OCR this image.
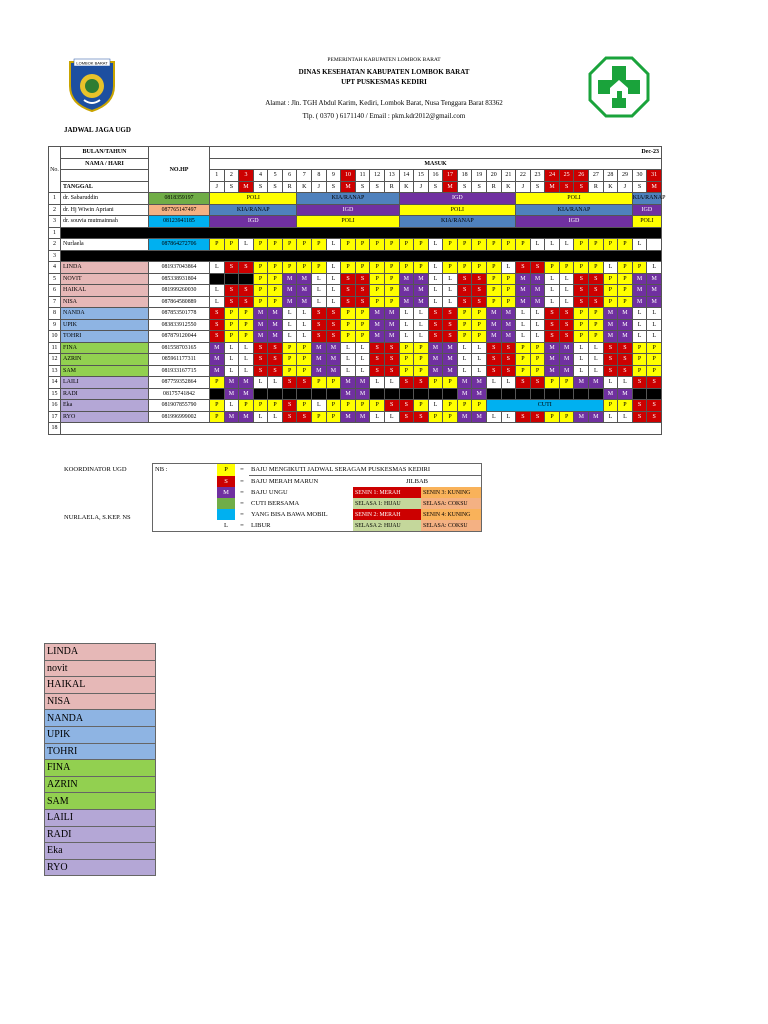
LOMBOK BARAT	PEMERINTAH KABUPATEN LOMBOK BARAT
DINAS KESEHATAN KABUPATEN LOMBOK BARAT
UPT PUSKESMAS KEDIRI
Alamat : Jln. TGH Abdul Karim, Kediri, Lombok Barat, Nusa Tenggara Barat 83362
Tlp. ( 0370 ) 6171140 / Email : pkm.kdr2012@gmail.com
JADWAL JAGA UGD
No.	BULAN/TAHUN	NO.HP	Dec-23																														
	NAMA / HARI		MASUK																														
			1	2	3	4	5	6	7	8	9	10	11	12	13	14	15	16	17	18	19	20	21	22	23	24	25	26	27	28	29	30	31
	TANGGAL		J	S	M	S	S	R	K	J	S	M	S	S	R	K	J	S	M	S	S	R	K	J	S	M	S	S	R	K	J	S	M
1	dr. Sabaruddin	0818359197	POLI						KIA/RANAP							IGD								POLI								KIA/RANAP	
2	dr. Hj Wiwin Apriani	087765147497	KIA/RANAP						IGD							POLI								KIA/RANAP								IGD	
3	dr. souvia mutmainnah	08123941185	IGD						POLI							KIA/RANAP								IGD								POLI	
1																																	
2	Nurlaela	087864272706	P	P	L	P	P	P	P	P	L	P	P	P	P	P	P	L	P	P	P	P	P	P	L	L	L	P	P	P	P	L	
3																																	
4	LINDA	081937043864	L	S	S	P	P	P	P	P	L	P	P	P	P	P	P	L	P	P	P	P	L	S	S	P	P	P	P	L	P	P	L
5	NOVIT	085338931804				P	P	M	M	L	L	S	S	P	P	M	M	L	L	S	S	P	P	M	M	L	L	S	S	P	P	M	M
6	HAIKAL	081999260030	L	S	S	P	P	M	M	L	L	S	S	P	P	M	M	L	L	S	S	P	P	M	M	L	L	S	S	P	P	M	M
7	NISA	087864580889	L	S	S	P	P	M	M	L	L	S	S	P	P	M	M	L	L	S	S	P	P	M	M	L	L	S	S	P	P	M	M
8	NANDA	087853501778	S	P	P	M	M	L	L	S	S	P	P	M	M	L	L	S	S	P	P	M	M	L	L	S	S	P	P	M	M	L	L
9	UPIK	083833912550	S	P	P	M	M	L	L	S	S	P	P	M	M	L	L	S	S	P	P	M	M	L	L	S	S	P	P	M	M	L	L
10	TOHRI	087879120044	S	P	P	M	M	L	L	S	S	P	P	M	M	L	L	S	S	P	P	M	M	L	L	S	S	P	P	M	M	L	L
11	FINA	081558703165	M	L	L	S	S	P	P	M	M	L	L	S	S	P	P	M	M	L	L	S	S	P	P	M	M	L	L	S	S	P	P
12	AZRIN	085961177311	M	L	L	S	S	P	P	M	M	L	L	S	S	P	P	M	M	L	L	S	S	P	P	M	M	L	L	S	S	P	P
13	SAM	081933167715	M	L	L	S	S	P	P	M	M	L	L	S	S	P	P	M	M	L	L	S	S	P	P	M	M	L	L	S	S	P	P
14	LAILI	087759352864	P	M	M	L	L	S	S	P	P	M	M	L	L	S	S	P	P	M	M	L	L	S	S	P	P	M	M	L	L	S	S
15	RADI	08175741842		M	M							M	M							M	M									M	M		
16	Eka	081907855790	P	L	P	P	P	S	P	L	P	P	P	P	S	S	P	L	P	P	P	CUTI								P	P	S	S
17	RYO	081996999002	P	M	M	L	L	S	S	P	P	M	M	L	L	S	S	P	P	M	M	L	L	S	S	P	P	M	M	L	L	S	S
18																																	
KOORDINATOR UGD
NURLAELA, S.KEP. NS
NB :	P	=	BAJU MENGIKUTI JADWAL SERAGAM PUSKESMAS KEDIRI		
	S	=	BAJU MERAH MARUN	JILBAB	
	M	=	BAJU UNGU	SENIN 1: MERAH	SENIN 3: KUNING
		=	CUTI BERSAMA	SELASA 1: HIJAU	SELASA: COKSU
		=	YANG BISA BAWA MOBIL	SENIN 2: MERAH	SENIN 4: KUNING
	L	=	LIBUR	SELASA 2: HIJAU	SELASA: COKSU
LINDA
novit
HAIKAL
NISA
NANDA
UPIK
TOHRI
FINA
AZRIN
SAM
LAILI
RADI
Eka
RYO
